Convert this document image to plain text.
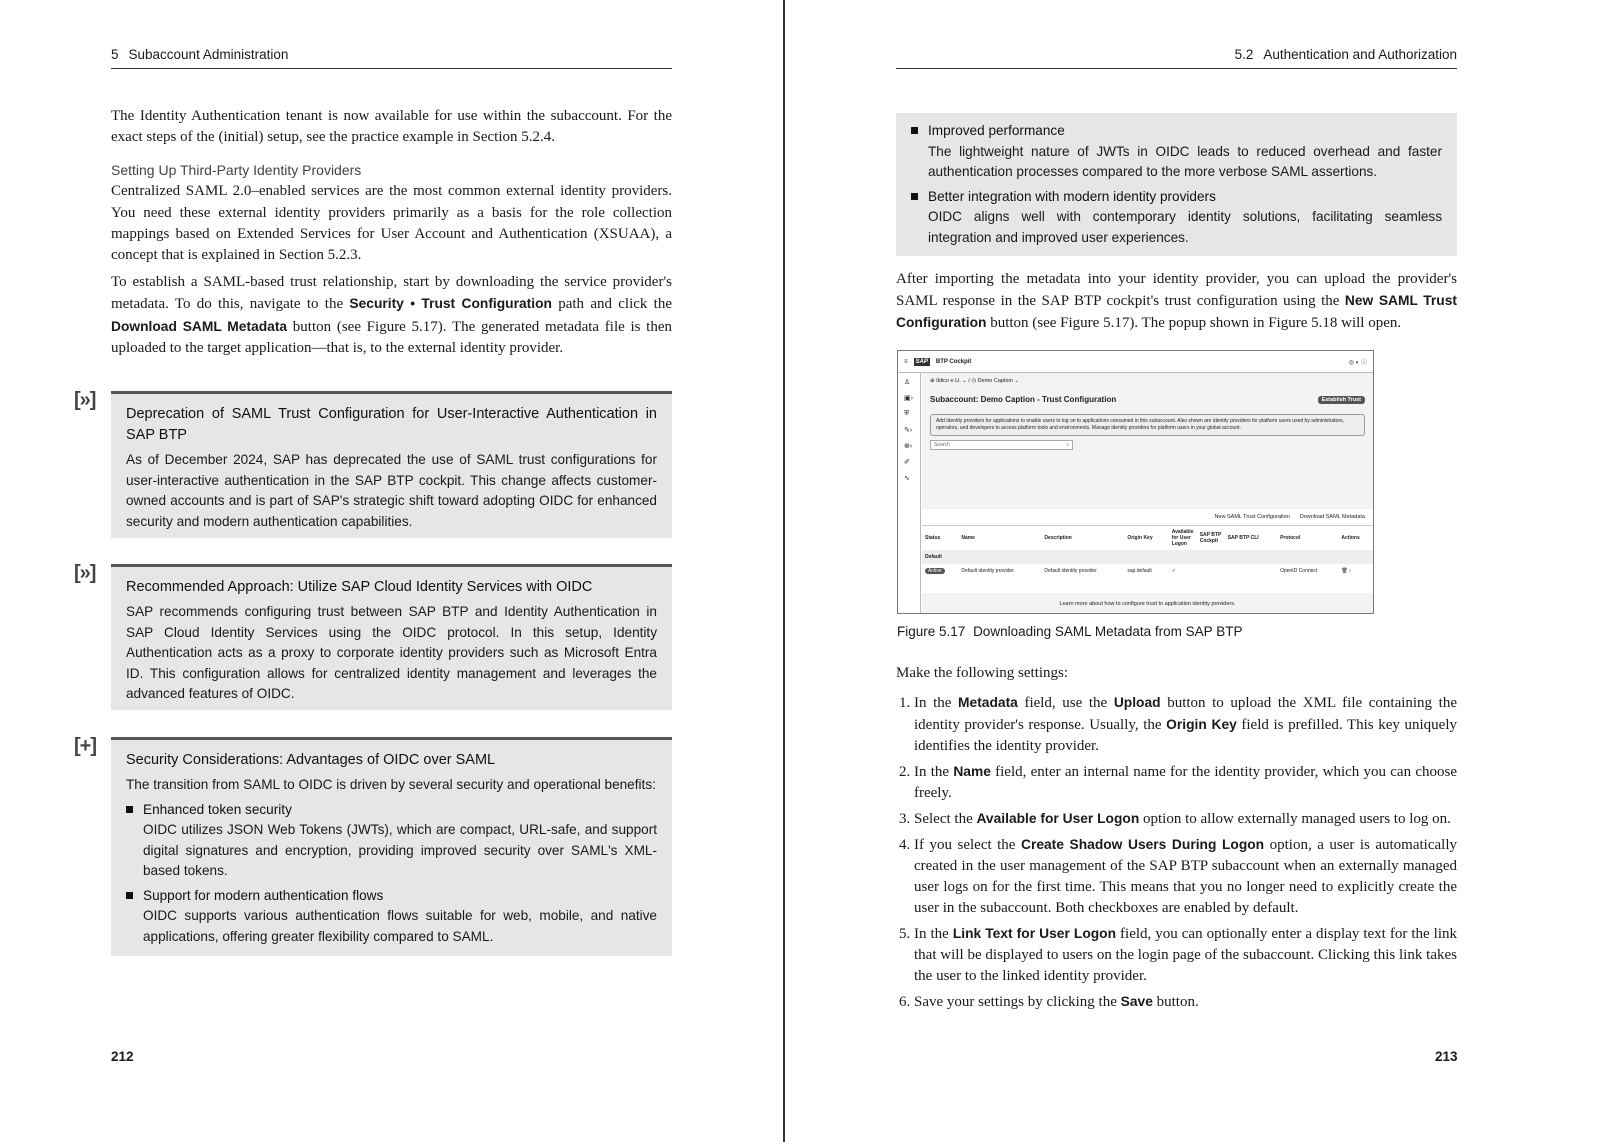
5 Subaccount Administration

The Identity Authentication tenant is now available for use within the subaccount. For the exact steps of the (initial) setup, see the practice example in Section 5.2.4.

Setting Up Third-Party Identity Providers

Centralized SAML 2.0–enabled services are the most common external identity providers. You need these external identity providers primarily as a basis for the role collection mappings based on Extended Services for User Account and Authentication (XSUAA), a concept that is explained in Section 5.2.3.

To establish a SAML-based trust relationship, start by downloading the service provider's metadata. To do this, navigate to the Security • Trust Configuration path and click the Download SAML Metadata button (see Figure 5.17). The generated metadata file is then uploaded to the target application—that is, to the external identity provider.

[»]
Deprecation of SAML Trust Configuration for User-Interactive Authentication in SAP BTP
As of December 2024, SAP has deprecated the use of SAML trust configurations for user-interactive authentication in the SAP BTP cockpit. This change affects customer-owned accounts and is part of SAP's strategic shift toward adopting OIDC for enhanced security and modern authentication capabilities.
[»]
Recommended Approach: Utilize SAP Cloud Identity Services with OIDC
SAP recommends configuring trust between SAP BTP and Identity Authentication in SAP Cloud Identity Services using the OIDC protocol. In this setup, Identity Authentication acts as a proxy to corporate identity providers such as Microsoft Entra ID. This configuration allows for centralized identity management and leverages the advanced features of OIDC.
[+]
Security Considerations: Advantages of OIDC over SAML
The transition from SAML to OIDC is driven by several security and operational benefits:
Enhanced token security
OIDC utilizes JSON Web Tokens (JWTs), which are compact, URL-safe, and support digital signatures and encryption, providing improved security over SAML's XML-based tokens.
Support for modern authentication flows
OIDC supports various authentication flows suitable for web, mobile, and native applications, offering greater flexibility compared to SAML.
212
5.2 Authentication and Authorization
Improved performance
The lightweight nature of JWTs in OIDC leads to reduced overhead and faster authentication processes compared to the more verbose SAML assertions.
Better integration with modern identity providers
OIDC aligns well with contemporary identity solutions, facilitating seamless integration and improved user experiences.

After importing the metadata into your identity provider, you can upload the provider's SAML response in the SAP BTP cockpit's trust configuration using the New SAML Trust Configuration button (see Figure 5.17). The popup shown in Figure 5.18 will open.

≡	SAP	BTP Cockpit	◎ ◐ ⓘ
♙
▣›
⛨
✎›
⊕›
✐
∿
⊕ Ildico e.U. ⌄ / ◷ Demo Caption ⌄
Subaccount: Demo Caption - Trust Configuration	Establish Trust
Add Identity providers for applications to enable users to log on to applications consumed in this subaccount. Also shown are identity providers for platform users used by administrators, operators, and developers to access platform tools and environments. Manage identity providers for platform users in your global account.
Search	⌕
New SAML Trust Configuration Download SAML Metadata
Status	Name	Description	Origin Key	Available for User Logon	SAP BTP Cockpit	SAP BTP CLI	Protocol	Actions
Default								
Active	Default identity provider	Default identity provider	sap.default	✓			OpenID Connect	🗑 ›
Learn more about how to configure trust to application identity providers.
Figure 5.17 Downloading SAML Metadata from SAP BTP

Make the following settings:

1. In the Metadata field, use the Upload button to upload the XML file containing the identity provider's response. Usually, the Origin Key field is prefilled. This key uniquely identifies the identity provider.
2. In the Name field, enter an internal name for the identity provider, which you can choose freely.
3. Select the Available for User Logon option to allow externally managed users to log on.
4. If you select the Create Shadow Users During Logon option, a user is automatically created in the user management of the SAP BTP subaccount when an externally managed user logs on for the first time. This means that you no longer need to explicitly create the user in the subaccount. Both checkboxes are enabled by default.
5. In the Link Text for User Logon field, you can optionally enter a display text for the link that will be displayed to users on the login page of the subaccount. Clicking this link takes the user to the linked identity provider.
6. Save your settings by clicking the Save button.
213
